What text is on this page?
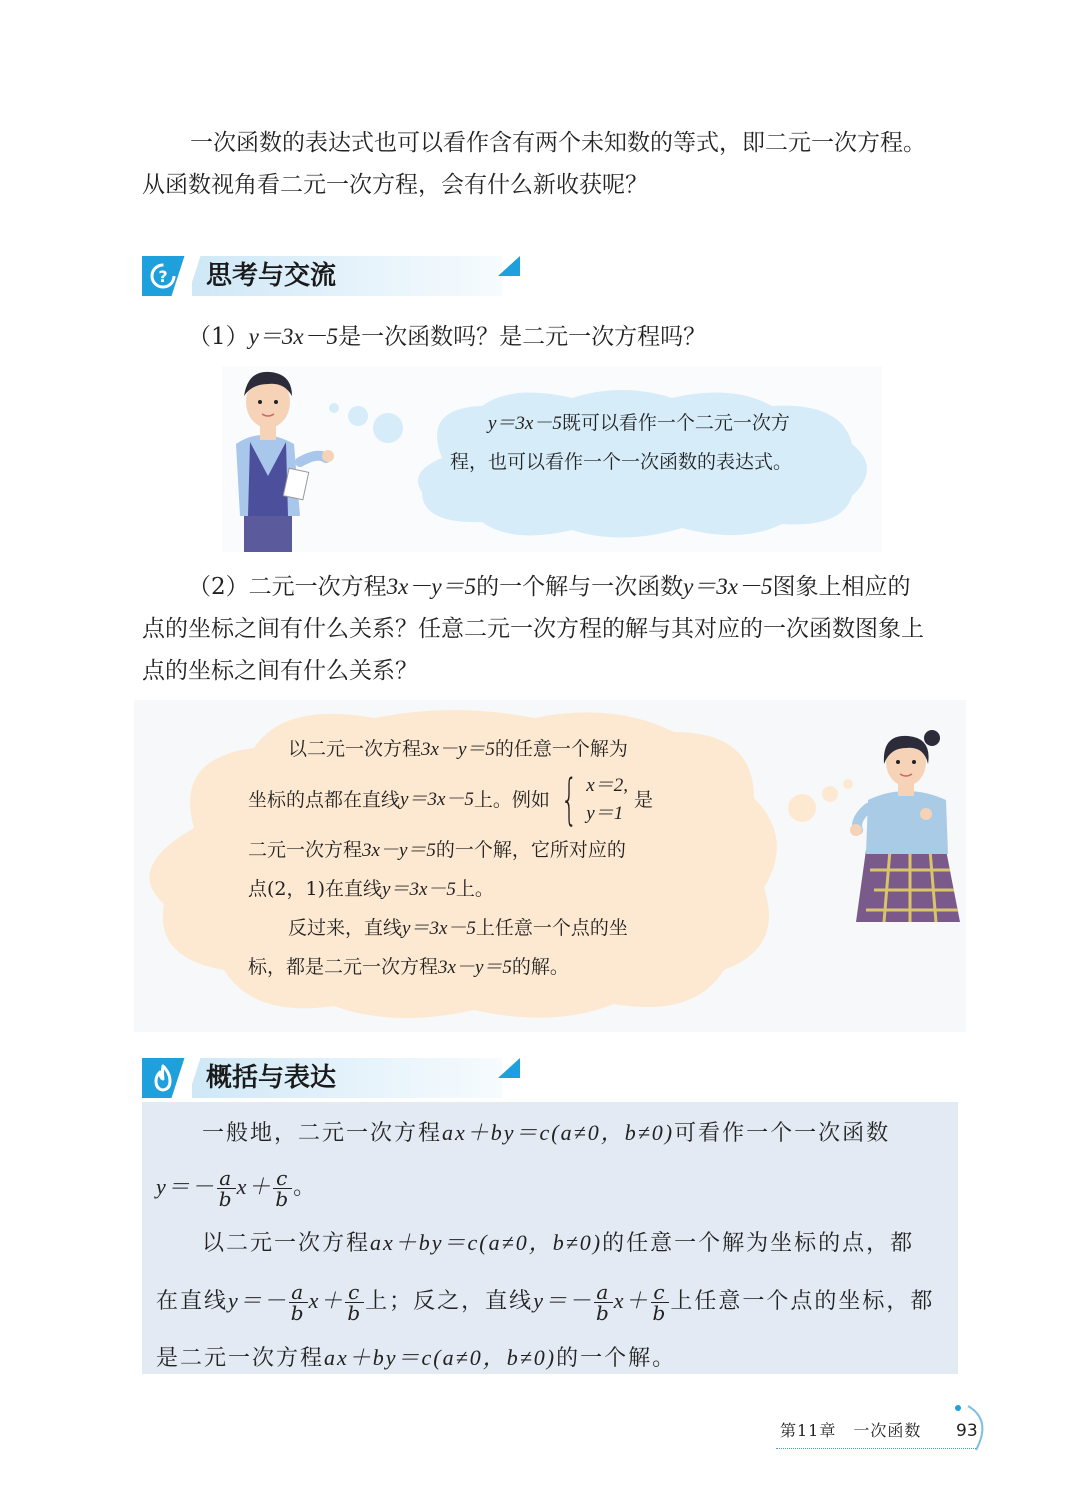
一次函数的表达式也可以看作含有两个未知数的等式，即二元一次方程。

从函数视角看二元一次方程，会有什么新收获呢？

? 思考与交流
（1）y＝3x－5是一次函数吗？是二元一次方程吗？
y＝3x－5既可以看作一个二元一次方
程，也可以看作一个一次函数的表达式。

（2）二元一次方程3x－y＝5的一个解与一次函数y＝3x－5图象上相应的

点的坐标之间有什么关系？任意二元一次方程的解与其对应的一次函数图象上

点的坐标之间有什么关系？

以二元一次方程3x－y＝5的任意一个解为
坐标的点都在直线 y＝3x－5 上。例如 { x＝2,
y＝1
是
二元一次方程3x－y＝5的一个解，它所对应的
点(2，1)在直线y＝3x－5上。
反过来，直线y＝3x－5上任意一个点的坐
标，都是二元一次方程3x－y＝5的解。
概括与表达
一般地，二元一次方程ax＋by＝c(a≠0，b≠0)可看作一个一次函数
$y=- \frac{a}{b} x+ \frac{c}{b}$ 。
以二元一次方程ax＋by＝c(a≠0，b≠0)的任意一个解为坐标的点，都
在直线$y=- \frac{a}{b} x+ \frac{c}{b}$ 上；反之，直线$y=- \frac{a}{b} x+ \frac{c}{b}$ 上任意一个点的坐标，都
是二元一次方程ax＋by＝c(a≠0，b≠0)的一个解。
第11章　一次函数 93
